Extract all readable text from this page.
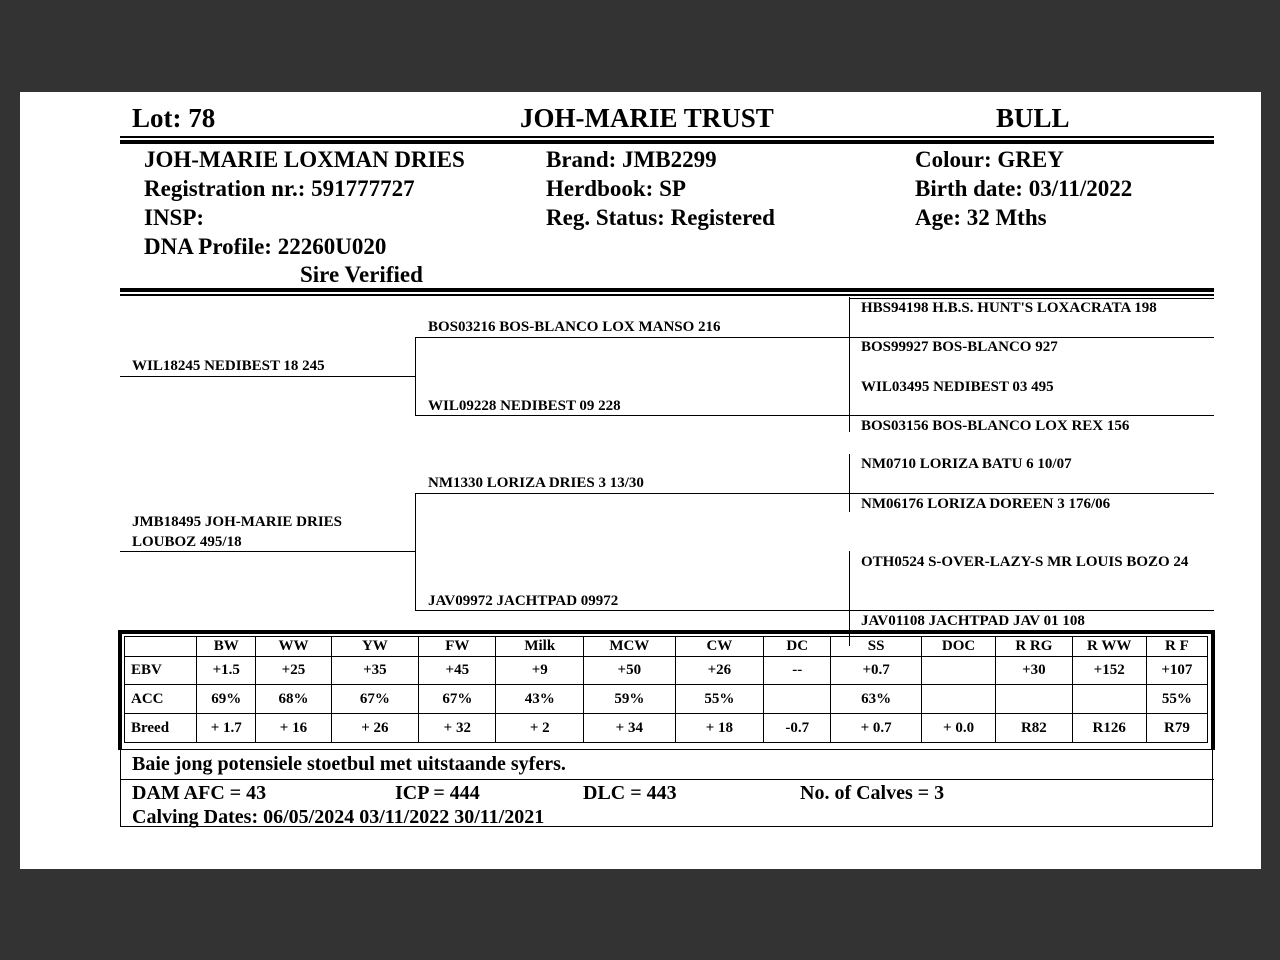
Lot: 78	JOH-MARIE TRUST	BULL
JOH-MARIE LOXMAN DRIES
Registration nr.: 591777727
INSP:
DNA Profile: 22260U020
Sire Verified
Brand: JMB2299
Herdbook: SP
Reg. Status: Registered
Colour: GREY
Birth date: 03/11/2022
Age: 32 Mths
WIL18245 NEDIBEST 18 245
JMB18495 JOH-MARIE DRIES LOUBOZ 495/18
BOS03216 BOS-BLANCO LOX MANSO 216
WIL09228 NEDIBEST 09 228
NM1330 LORIZA DRIES 3 13/30
JAV09972 JACHTPAD 09972
HBS94198 H.B.S. HUNT'S LOXACRATA 198
BOS99927 BOS-BLANCO 927
WIL03495 NEDIBEST 03 495
BOS03156 BOS-BLANCO LOX REX 156
NM0710 LORIZA BATU 6 10/07
NM06176 LORIZA DOREEN 3 176/06
OTH0524 S-OVER-LAZY-S MR LOUIS BOZO 24
JAV01108 JACHTPAD JAV 01 108
	BW	WW	YW	FW	Milk	MCW	CW	DC	SS	DOC	R RG	R WW	R F
EBV	+1.5	+25	+35	+45	+9	+50	+26	--	+0.7		+30	+152	+107
ACC	69%	68%	67%	67%	43%	59%	55%		63%				55%
Breed	+ 1.7	+ 16	+ 26	+ 32	+ 2	+ 34	+ 18	-0.7	+ 0.7	+ 0.0	R82	R126	R79
Baie jong potensiele stoetbul met uitstaande syfers.
DAM AFC = 43	ICP = 444	DLC = 443	No. of Calves = 3
Calving Dates: 06/05/2024 03/11/2022 30/11/2021
